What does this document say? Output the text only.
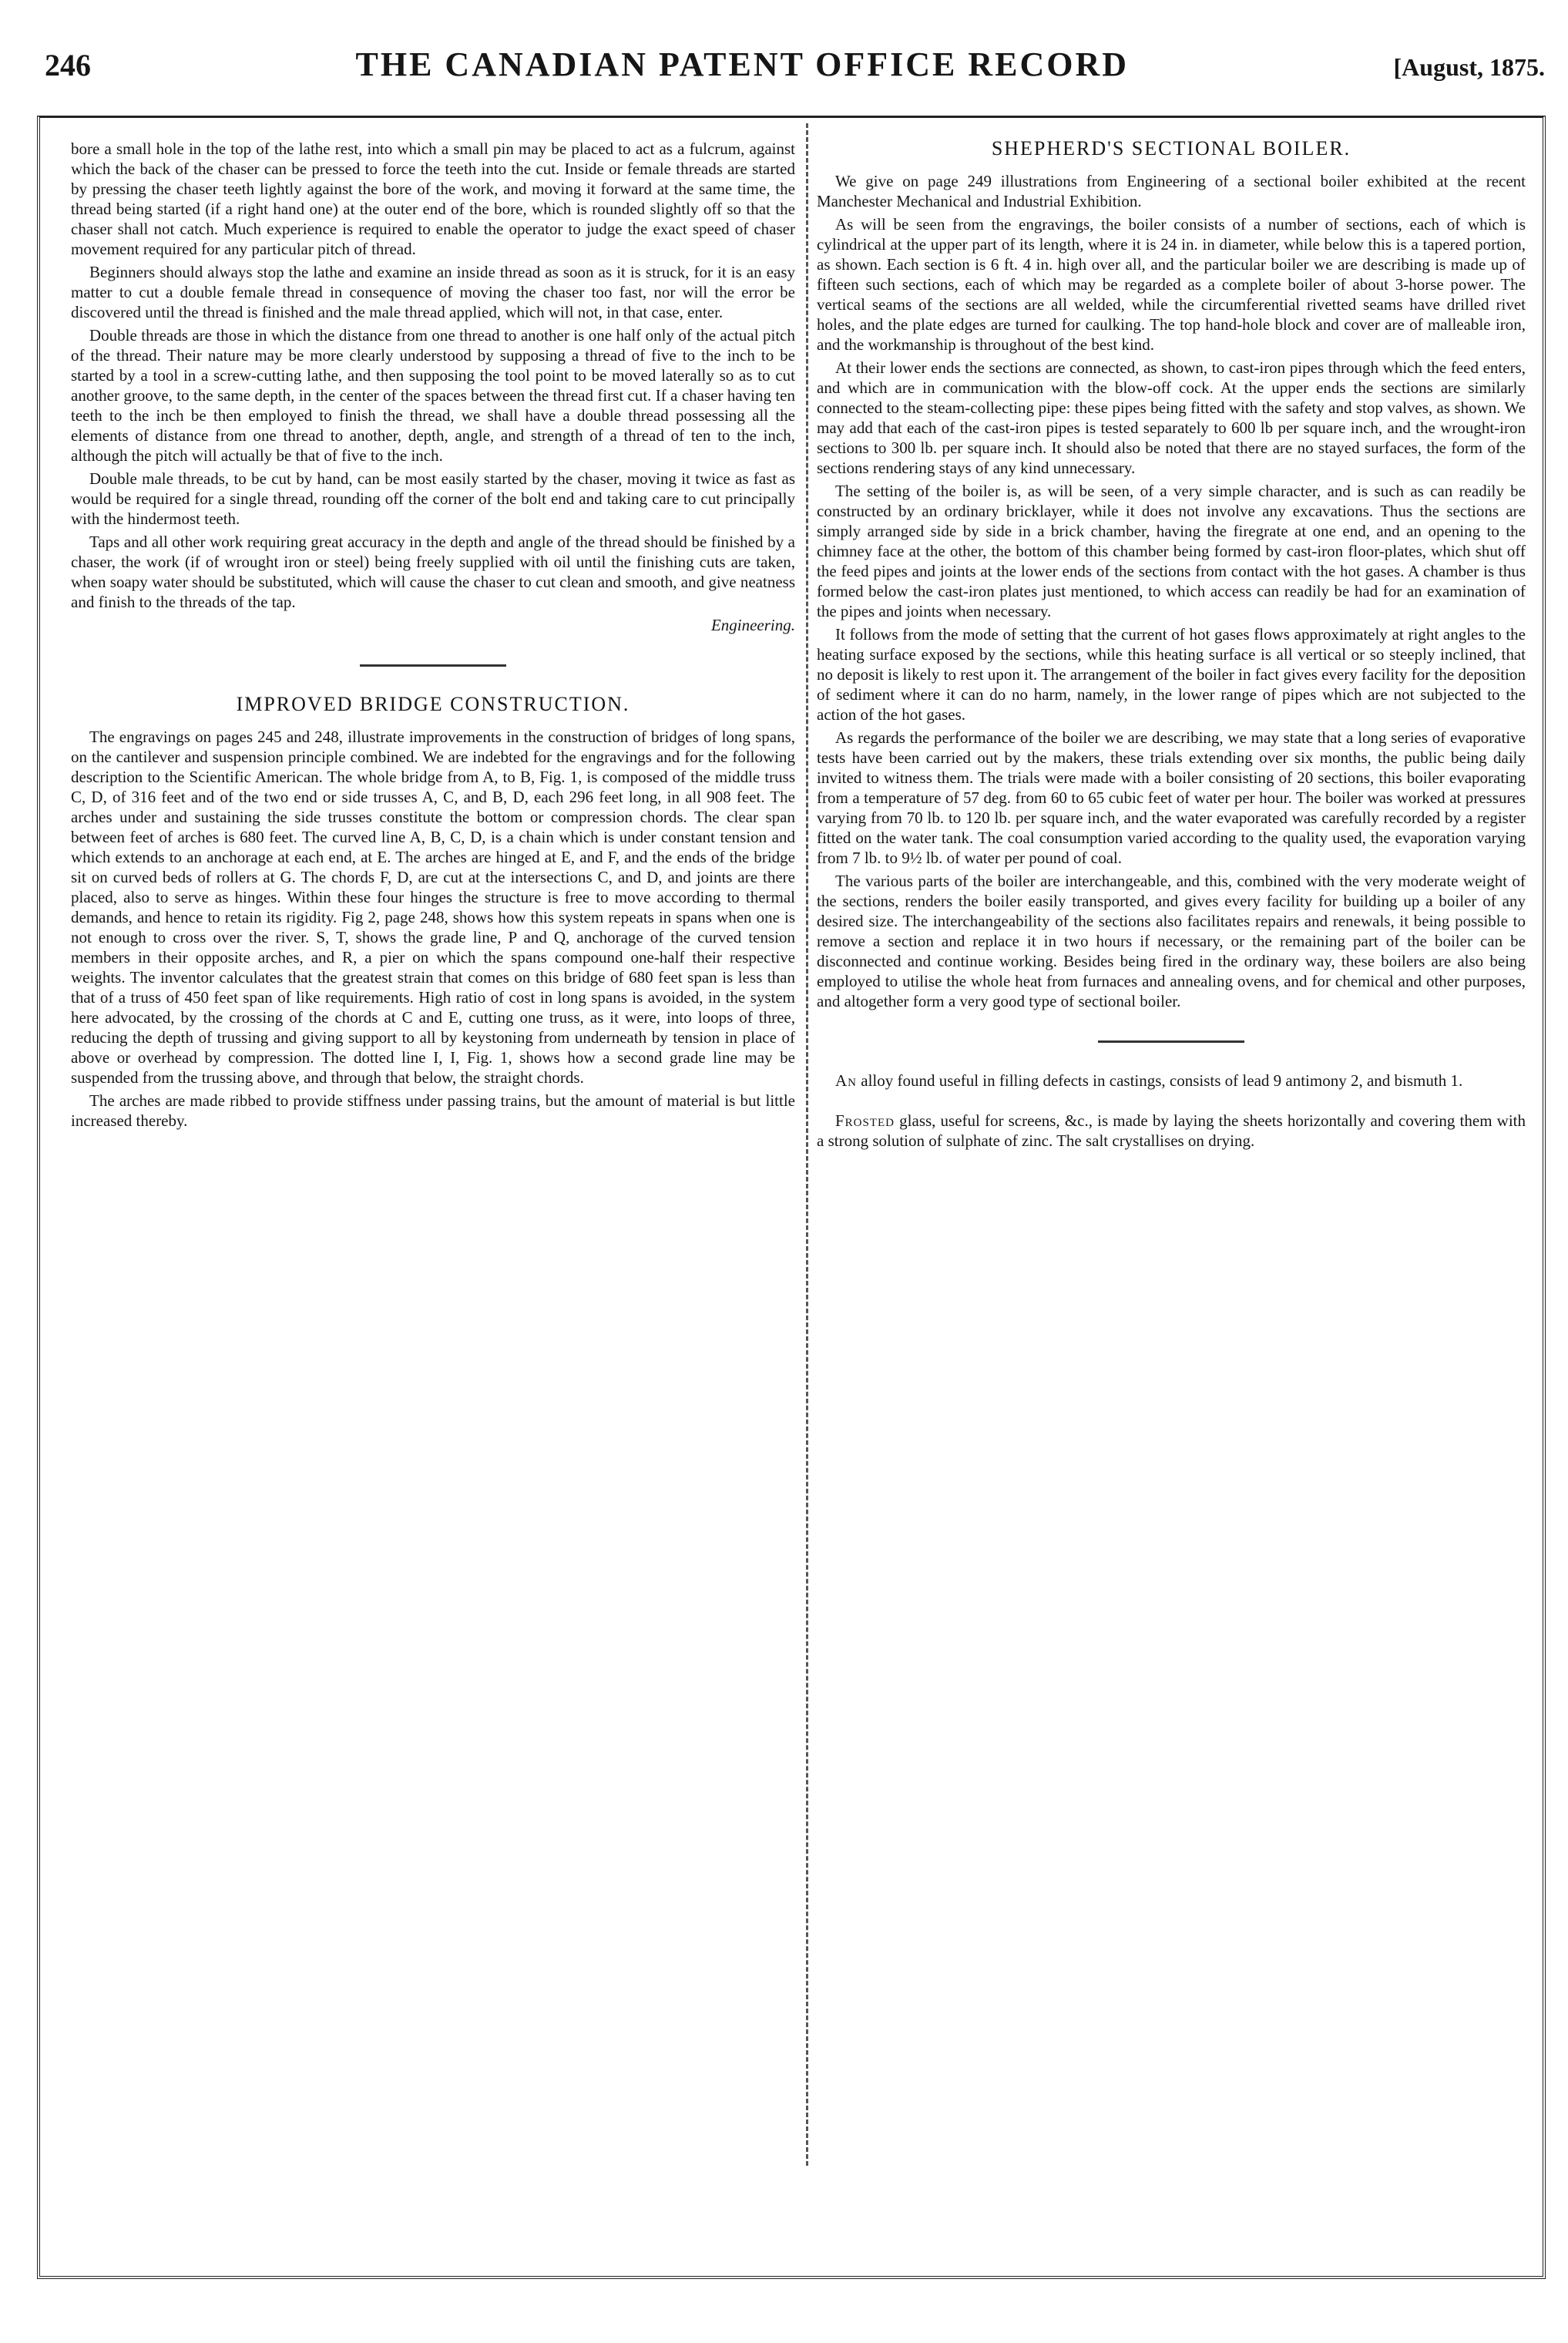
246	THE CANADIAN PATENT OFFICE RECORD	[August, 1875.

bore a small hole in the top of the lathe rest, into which a small pin may be placed to act as a fulcrum, against which the back of the chaser can be pressed to force the teeth into the cut. Inside or female threads are started by pressing the chaser teeth lightly against the bore of the work, and moving it forward at the same time, the thread being started (if a right hand one) at the outer end of the bore, which is rounded slightly off so that the chaser shall not catch. Much experience is required to enable the operator to judge the exact speed of chaser movement required for any particular pitch of thread.

Beginners should always stop the lathe and examine an inside thread as soon as it is struck, for it is an easy matter to cut a double female thread in consequence of moving the chaser too fast, nor will the error be discovered until the thread is finished and the male thread applied, which will not, in that case, enter.

Double threads are those in which the distance from one thread to another is one half only of the actual pitch of the thread. Their nature may be more clearly understood by supposing a thread of five to the inch to be started by a tool in a screw-cutting lathe, and then supposing the tool point to be moved laterally so as to cut another groove, to the same depth, in the center of the spaces between the thread first cut. If a chaser having ten teeth to the inch be then employed to finish the thread, we shall have a double thread possessing all the elements of distance from one thread to another, depth, angle, and strength of a thread of ten to the inch, although the pitch will actually be that of five to the inch.

Double male threads, to be cut by hand, can be most easily started by the chaser, moving it twice as fast as would be required for a single thread, rounding off the corner of the bolt end and taking care to cut principally with the hindermost teeth.

Taps and all other work requiring great accuracy in the depth and angle of the thread should be finished by a chaser, the work (if of wrought iron or steel) being freely supplied with oil until the finishing cuts are taken, when soapy water should be substituted, which will cause the chaser to cut clean and smooth, and give neatness and finish to the threads of the tap.

Engineering.
IMPROVED BRIDGE CONSTRUCTION.

The engravings on pages 245 and 248, illustrate improvements in the construction of bridges of long spans, on the cantilever and suspension principle combined. We are indebted for the engravings and for the following description to the Scientific American. The whole bridge from A, to B, Fig. 1, is composed of the middle truss C, D, of 316 feet and of the two end or side trusses A, C, and B, D, each 296 feet long, in all 908 feet. The arches under and sustaining the side trusses constitute the bottom or compression chords. The clear span between feet of arches is 680 feet. The curved line A, B, C, D, is a chain which is under constant tension and which extends to an anchorage at each end, at E. The arches are hinged at E, and F, and the ends of the bridge sit on curved beds of rollers at G. The chords F, D, are cut at the intersections C, and D, and joints are there placed, also to serve as hinges. Within these four hinges the structure is free to move according to thermal demands, and hence to retain its rigidity. Fig 2, page 248, shows how this system repeats in spans when one is not enough to cross over the river. S, T, shows the grade line, P and Q, anchorage of the curved tension members in their opposite arches, and R, a pier on which the spans compound one-half their respective weights. The inventor calculates that the greatest strain that comes on this bridge of 680 feet span is less than that of a truss of 450 feet span of like requirements. High ratio of cost in long spans is avoided, in the system here advocated, by the crossing of the chords at C and E, cutting one truss, as it were, into loops of three, reducing the depth of trussing and giving support to all by keystoning from underneath by tension in place of above or overhead by compression. The dotted line I, I, Fig. 1, shows how a second grade line may be suspended from the trussing above, and through that below, the straight chords.

The arches are made ribbed to provide stiffness under passing trains, but the amount of material is but little increased thereby.

SHEPHERD'S SECTIONAL BOILER.

We give on page 249 illustrations from Engineering of a sectional boiler exhibited at the recent Manchester Mechanical and Industrial Exhibition.

As will be seen from the engravings, the boiler consists of a number of sections, each of which is cylindrical at the upper part of its length, where it is 24 in. in diameter, while below this is a tapered portion, as shown. Each section is 6 ft. 4 in. high over all, and the particular boiler we are describing is made up of fifteen such sections, each of which may be regarded as a complete boiler of about 3-horse power. The vertical seams of the sections are all welded, while the circumferential rivetted seams have drilled rivet holes, and the plate edges are turned for caulking. The top hand-hole block and cover are of malleable iron, and the workmanship is throughout of the best kind.

At their lower ends the sections are connected, as shown, to cast-iron pipes through which the feed enters, and which are in communication with the blow-off cock. At the upper ends the sections are similarly connected to the steam-collecting pipe: these pipes being fitted with the safety and stop valves, as shown. We may add that each of the cast-iron pipes is tested separately to 600 lb per square inch, and the wrought-iron sections to 300 lb. per square inch. It should also be noted that there are no stayed surfaces, the form of the sections rendering stays of any kind unnecessary.

The setting of the boiler is, as will be seen, of a very simple character, and is such as can readily be constructed by an ordinary bricklayer, while it does not involve any excavations. Thus the sections are simply arranged side by side in a brick chamber, having the firegrate at one end, and an opening to the chimney face at the other, the bottom of this chamber being formed by cast-iron floor-plates, which shut off the feed pipes and joints at the lower ends of the sections from contact with the hot gases. A chamber is thus formed below the cast-iron plates just mentioned, to which access can readily be had for an examination of the pipes and joints when necessary.

It follows from the mode of setting that the current of hot gases flows approximately at right angles to the heating surface exposed by the sections, while this heating surface is all vertical or so steeply inclined, that no deposit is likely to rest upon it. The arrangement of the boiler in fact gives every facility for the deposition of sediment where it can do no harm, namely, in the lower range of pipes which are not subjected to the action of the hot gases.

As regards the performance of the boiler we are describing, we may state that a long series of evaporative tests have been carried out by the makers, these trials extending over six months, the public being daily invited to witness them. The trials were made with a boiler consisting of 20 sections, this boiler evaporating from a temperature of 57 deg. from 60 to 65 cubic feet of water per hour. The boiler was worked at pressures varying from 70 lb. to 120 lb. per square inch, and the water evaporated was carefully recorded by a register fitted on the water tank. The coal consumption varied according to the quality used, the evaporation varying from 7 lb. to 9½ lb. of water per pound of coal.

The various parts of the boiler are interchangeable, and this, combined with the very moderate weight of the sections, renders the boiler easily transported, and gives every facility for building up a boiler of any desired size. The interchangeability of the sections also facilitates repairs and renewals, it being possible to remove a section and replace it in two hours if necessary, or the remaining part of the boiler can be disconnected and continue working. Besides being fired in the ordinary way, these boilers are also being employed to utilise the whole heat from furnaces and annealing ovens, and for chemical and other purposes, and altogether form a very good type of sectional boiler.

An alloy found useful in filling defects in castings, consists of lead 9 antimony 2, and bismuth 1.

Frosted glass, useful for screens, &c., is made by laying the sheets horizontally and covering them with a strong solution of sulphate of zinc. The salt crystallises on drying.
